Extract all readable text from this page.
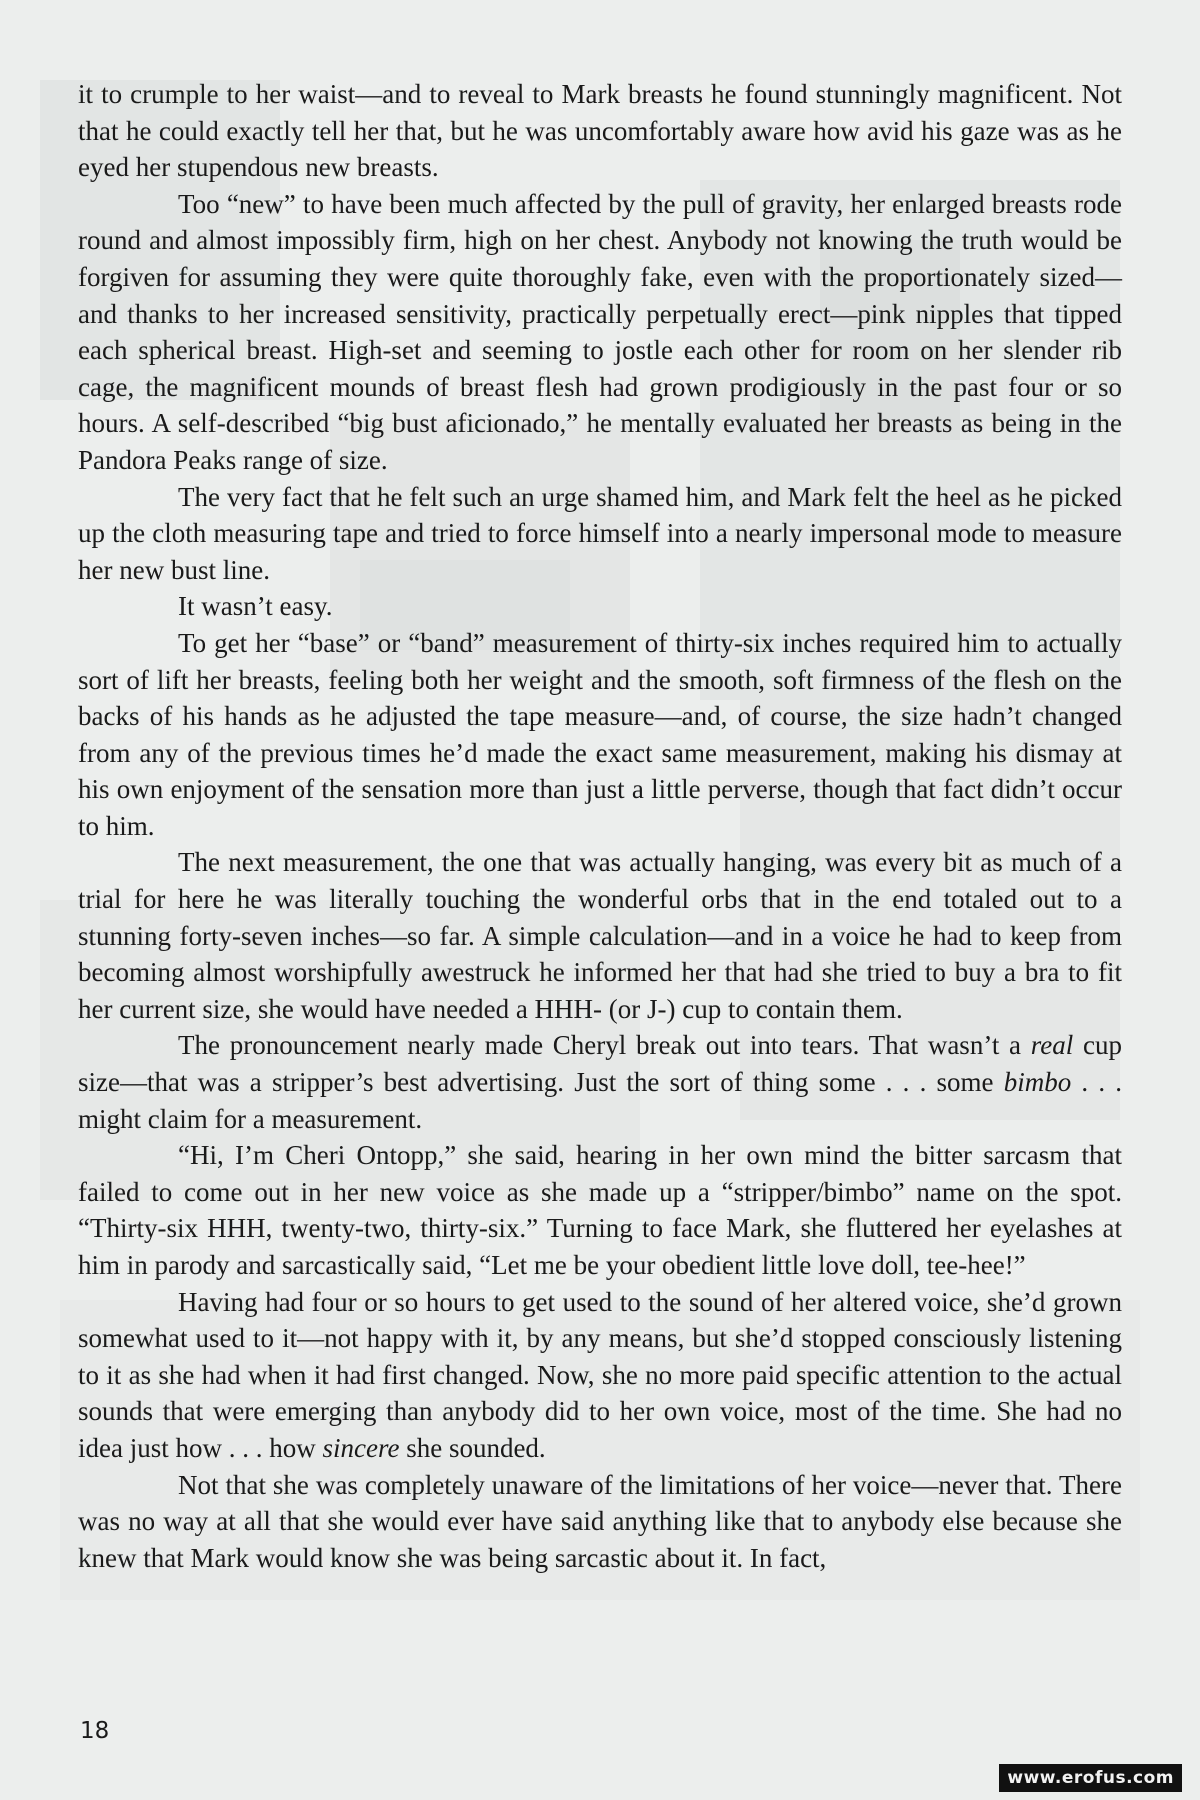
it to crumple to her waist—and to reveal to Mark breasts he found stunningly magnificent. Not that he could exactly tell her that, but he was uncomfortably aware how avid his gaze was as he eyed her stupendous new breasts.

Too “new” to have been much affected by the pull of gravity, her enlarged breasts rode round and almost impossibly firm, high on her chest. Anybody not knowing the truth would be forgiven for assuming they were quite thoroughly fake, even with the proportionately sized—and thanks to her increased sensitivity, practically perpetually erect—pink nipples that tipped each spherical breast. High-set and seeming to jostle each other for room on her slender rib cage, the magnificent mounds of breast flesh had grown prodigiously in the past four or so hours. A self-described “big bust aficionado,” he mentally evaluated her breasts as being in the Pandora Peaks range of size.

The very fact that he felt such an urge shamed him, and Mark felt the heel as he picked up the cloth measuring tape and tried to force himself into a nearly impersonal mode to measure her new bust line.

It wasn’t easy.

To get her “base” or “band” measurement of thirty-six inches required him to actually sort of lift her breasts, feeling both her weight and the smooth, soft firmness of the flesh on the backs of his hands as he adjusted the tape measure—and, of course, the size hadn’t changed from any of the previous times he’d made the exact same measurement, making his dismay at his own enjoyment of the sensation more than just a little perverse, though that fact didn’t occur to him.

The next measurement, the one that was actually hanging, was every bit as much of a trial for here he was literally touching the wonderful orbs that in the end totaled out to a stunning forty-seven inches—so far. A simple calculation—and in a voice he had to keep from becoming almost worshipfully awestruck he informed her that had she tried to buy a bra to fit her current size, she would have needed a HHH- (or J-) cup to contain them.

The pronouncement nearly made Cheryl break out into tears. That wasn’t a real cup size—that was a stripper’s best advertising. Just the sort of thing some . . . some bimbo . . . might claim for a measurement.

“Hi, I’m Cheri Ontopp,” she said, hearing in her own mind the bitter sarcasm that failed to come out in her new voice as she made up a “stripper/bimbo” name on the spot. “Thirty-six HHH, twenty-two, thirty-six.” Turning to face Mark, she fluttered her eyelashes at him in parody and sarcastically said, “Let me be your obedient little love doll, tee-hee!”

Having had four or so hours to get used to the sound of her altered voice, she’d grown somewhat used to it—not happy with it, by any means, but she’d stopped consciously listening to it as she had when it had first changed. Now, she no more paid specific attention to the actual sounds that were emerging than anybody did to her own voice, most of the time. She had no idea just how . . . how sincere she sounded.

Not that she was completely unaware of the limitations of her voice—never that. There was no way at all that she would ever have said anything like that to anybody else because she knew that Mark would know she was being sarcastic about it. In fact,

18
www.erofus.com
